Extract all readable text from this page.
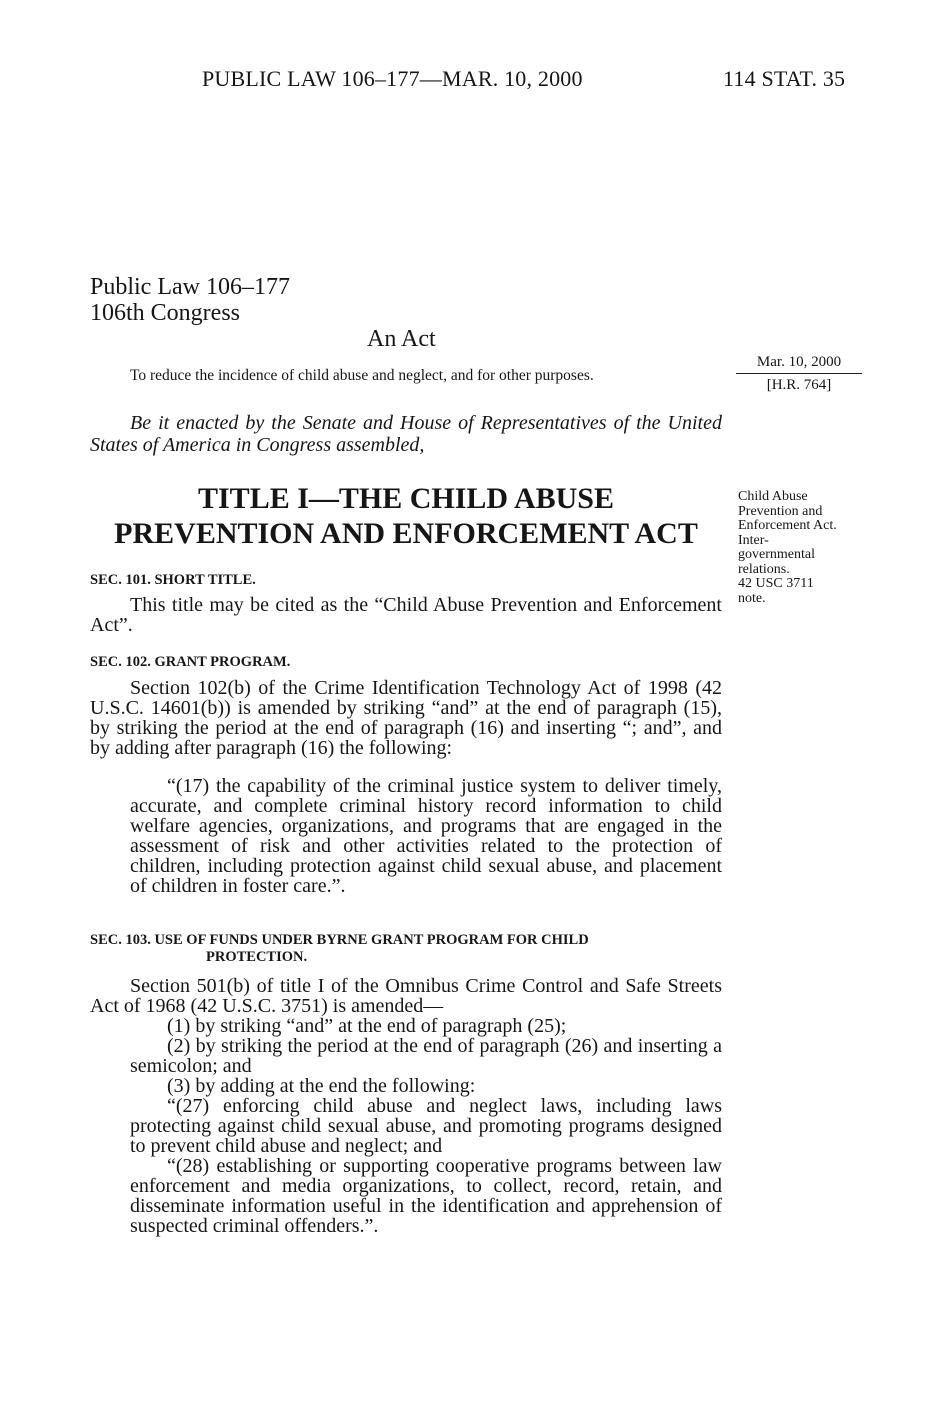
PUBLIC LAW 106–177—MAR. 10, 2000	114 STAT. 35
Public Law 106–177
106th Congress
An Act
To reduce the incidence of child abuse and neglect, and for other purposes.
Mar. 10, 2000
[H.R. 764]
Be it enacted by the Senate and House of Representatives of the United States of America in Congress assembled,
TITLE I—THE CHILD ABUSE
PREVENTION AND ENFORCEMENT ACT
Child Abuse
Prevention and
Enforcement Act.
Inter-
governmental
relations.
42 USC 3711
note.
SEC. 101. SHORT TITLE.
This title may be cited as the “Child Abuse Prevention and Enforcement Act”.
SEC. 102. GRANT PROGRAM.
Section 102(b) of the Crime Identification Technology Act of 1998 (42 U.S.C. 14601(b)) is amended by striking “and” at the end of paragraph (15), by striking the period at the end of paragraph (16) and inserting “; and”, and by adding after paragraph (16) the following:
“(17) the capability of the criminal justice system to deliver timely, accurate, and complete criminal history record information to child welfare agencies, organizations, and programs that are engaged in the assessment of risk and other activities related to the protection of children, including protection against child sexual abuse, and placement of children in foster care.”.
SEC. 103. USE OF FUNDS UNDER BYRNE GRANT PROGRAM FOR CHILD
PROTECTION.
Section 501(b) of title I of the Omnibus Crime Control and Safe Streets Act of 1968 (42 U.S.C. 3751) is amended—
(1) by striking “and” at the end of paragraph (25);
(2) by striking the period at the end of paragraph (26) and inserting a semicolon; and
(3) by adding at the end the following:
“(27) enforcing child abuse and neglect laws, including laws protecting against child sexual abuse, and promoting programs designed to prevent child abuse and neglect; and
“(28) establishing or supporting cooperative programs between law enforcement and media organizations, to collect, record, retain, and disseminate information useful in the identification and apprehension of suspected criminal offenders.”.
